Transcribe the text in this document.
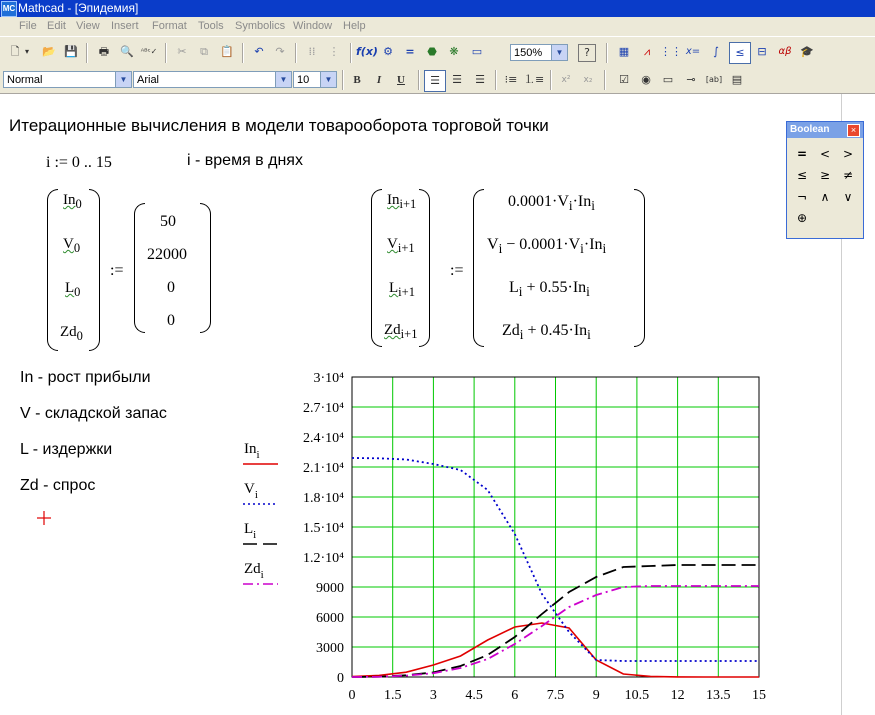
MC Mathcad - [Эпидемия]
File Edit View Insert Format Tools Symbolics Window Help
🗋 ▾ 📂 💾	🖶 🔍 ᴬᴮᶜ✓	✂	⧉	📋	↶	↷	⁞⁞	⋮	f(x) ⚙	=	⬣	❋	▭	150%	▼	?	▦	⩘ ⋮⋮ x=	∫	≤	⊟	αβ 🎓
Normal	▼ Arial	▼ 10	▼	B	I	U	☰	☰	☰	⁝≡ ⒈≡	x²	x₂	☑	◉	▭	⊸	[ab] ▤
Итерационные вычисления в модели товарооборота торговой точки
i := 0 .. 15	i - время в днях
$In_0$
$V_0$
$L_0$
$Zd_0$
:=
50
22000
0
0
$In_{i+1}$
$V_{i+1}$
$L_{i+1}$
$Zd_{i+1}$
:=
$0.0001\cdot V_i\cdot In_i$
$V_i - 0.0001\cdot V_i\cdot In_i$
$L_i + 0.55\cdot In_i$
$Zd_i + 0.45\cdot In_i$
In - рост прибыли
V - складской запас
L - издержки
Zd - спрос
Boolean	×
=	<	>
≤	≥	≠
¬	∧	∨
⊕
0
3000
6000
9000
1.2·10⁴
1.5·10⁴
1.8·10⁴
2.1·10⁴
2.4·10⁴
2.7·10⁴
3·10⁴
0 1.5 3 4.5 6 7.5 9 10.5 12 13.5 15
$In_i$
$V_i$
$L_i$
$Zd_i$
